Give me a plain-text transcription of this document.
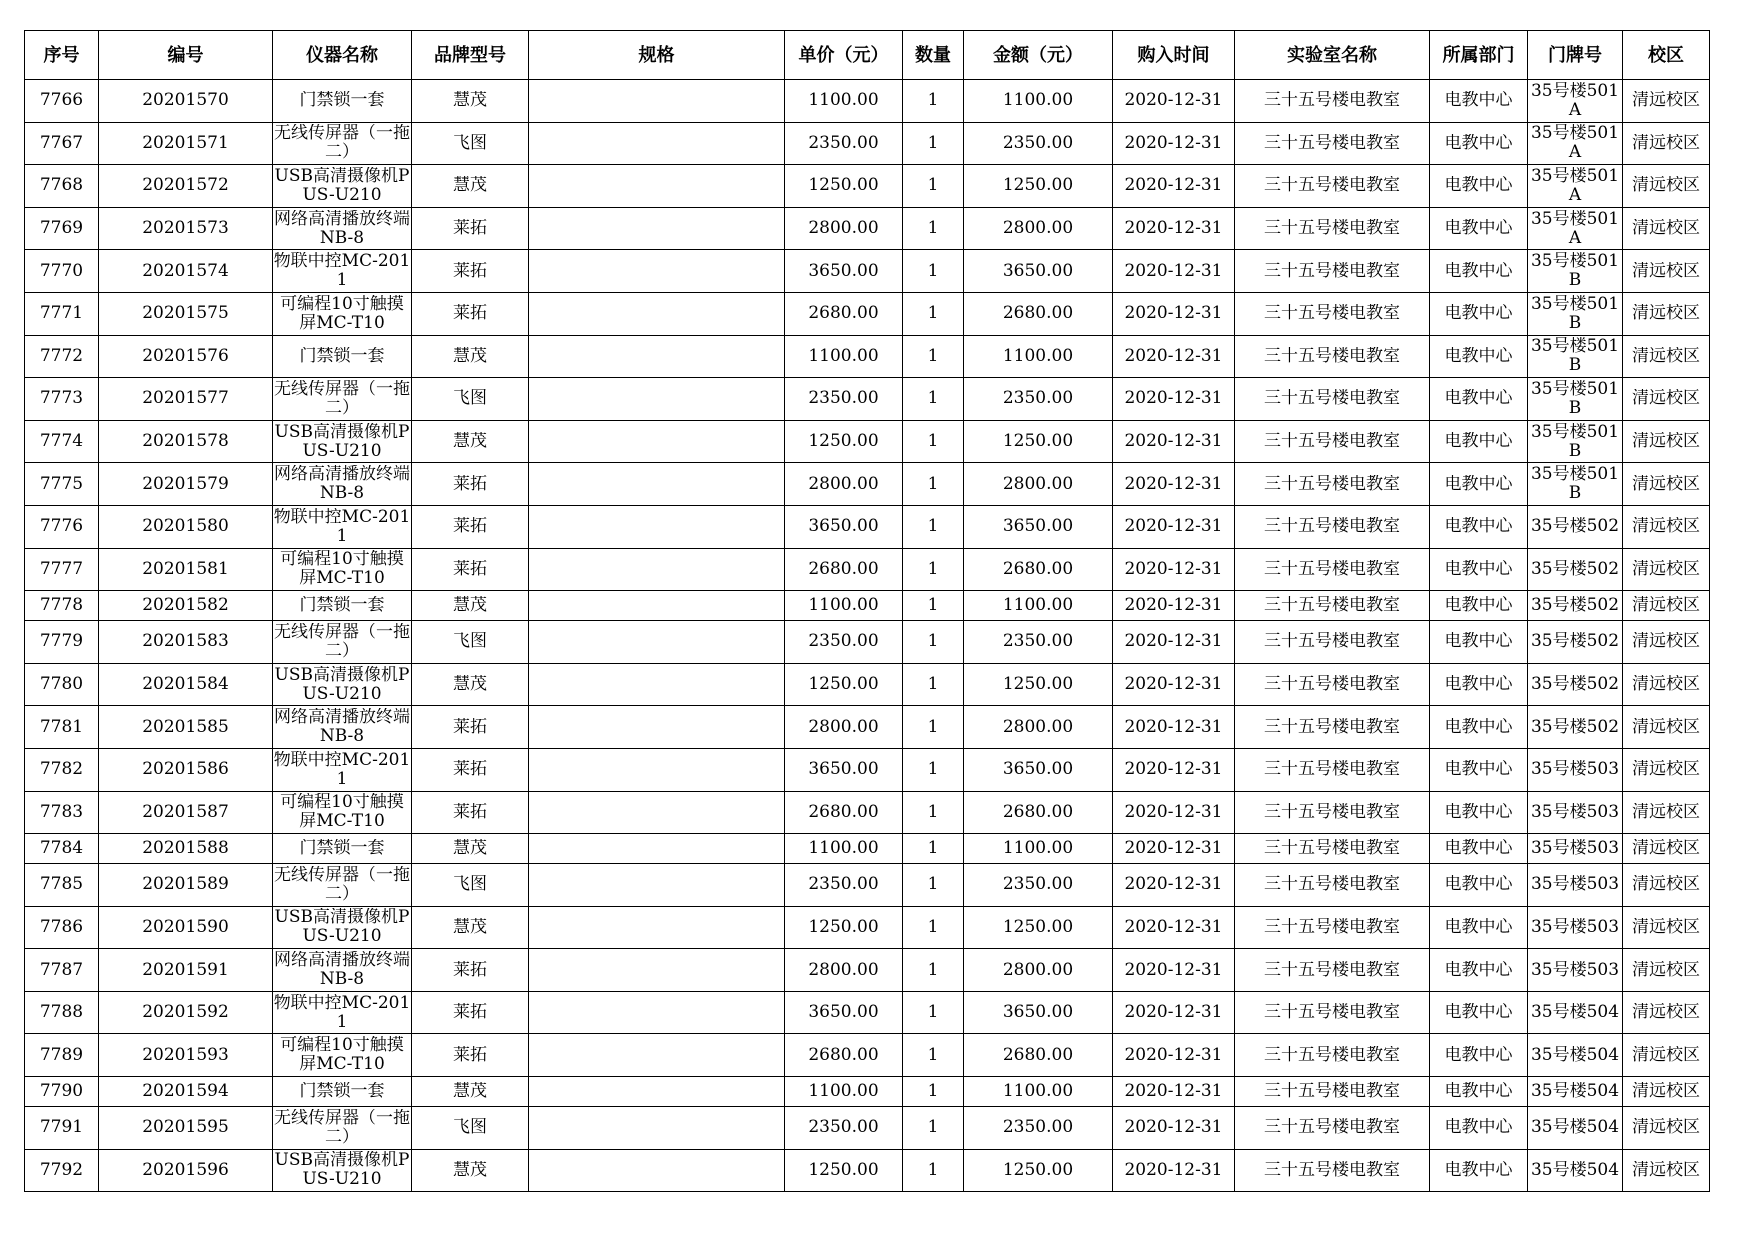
序号	编号	仪器名称	品牌型号	规格	单价（元）	数量	金额（元）	购入时间	实验室名称	所属部门	门牌号	校区

7766	20201570	门禁锁一套	慧茂		1100.00	1	1100.00	2020-12-31	三十五号楼电教室	电教中心	35号楼501A	清远校区

7767	20201571	无线传屏器（一拖二）	飞图		2350.00	1	2350.00	2020-12-31	三十五号楼电教室	电教中心	35号楼501A	清远校区

7768	20201572	USB高清摄像机PUS-U210	慧茂		1250.00	1	1250.00	2020-12-31	三十五号楼电教室	电教中心	35号楼501A	清远校区

7769	20201573	网络高清播放终端NB-8	莱拓		2800.00	1	2800.00	2020-12-31	三十五号楼电教室	电教中心	35号楼501A	清远校区

7770	20201574	物联中控MC-2011	莱拓		3650.00	1	3650.00	2020-12-31	三十五号楼电教室	电教中心	35号楼501B	清远校区

7771	20201575	可编程10寸触摸屏MC-T10	莱拓		2680.00	1	2680.00	2020-12-31	三十五号楼电教室	电教中心	35号楼501B	清远校区

7772	20201576	门禁锁一套	慧茂		1100.00	1	1100.00	2020-12-31	三十五号楼电教室	电教中心	35号楼501B	清远校区

7773	20201577	无线传屏器（一拖二）	飞图		2350.00	1	2350.00	2020-12-31	三十五号楼电教室	电教中心	35号楼501B	清远校区

7774	20201578	USB高清摄像机PUS-U210	慧茂		1250.00	1	1250.00	2020-12-31	三十五号楼电教室	电教中心	35号楼501B	清远校区

7775	20201579	网络高清播放终端NB-8	莱拓		2800.00	1	2800.00	2020-12-31	三十五号楼电教室	电教中心	35号楼501B	清远校区

7776	20201580	物联中控MC-2011	莱拓		3650.00	1	3650.00	2020-12-31	三十五号楼电教室	电教中心	35号楼502	清远校区

7777	20201581	可编程10寸触摸屏MC-T10	莱拓		2680.00	1	2680.00	2020-12-31	三十五号楼电教室	电教中心	35号楼502	清远校区

7778	20201582	门禁锁一套	慧茂		1100.00	1	1100.00	2020-12-31	三十五号楼电教室	电教中心	35号楼502	清远校区

7779	20201583	无线传屏器（一拖二）	飞图		2350.00	1	2350.00	2020-12-31	三十五号楼电教室	电教中心	35号楼502	清远校区

7780	20201584	USB高清摄像机PUS-U210	慧茂		1250.00	1	1250.00	2020-12-31	三十五号楼电教室	电教中心	35号楼502	清远校区

7781	20201585	网络高清播放终端NB-8	莱拓		2800.00	1	2800.00	2020-12-31	三十五号楼电教室	电教中心	35号楼502	清远校区

7782	20201586	物联中控MC-2011	莱拓		3650.00	1	3650.00	2020-12-31	三十五号楼电教室	电教中心	35号楼503	清远校区

7783	20201587	可编程10寸触摸屏MC-T10	莱拓		2680.00	1	2680.00	2020-12-31	三十五号楼电教室	电教中心	35号楼503	清远校区

7784	20201588	门禁锁一套	慧茂		1100.00	1	1100.00	2020-12-31	三十五号楼电教室	电教中心	35号楼503	清远校区

7785	20201589	无线传屏器（一拖二）	飞图		2350.00	1	2350.00	2020-12-31	三十五号楼电教室	电教中心	35号楼503	清远校区

7786	20201590	USB高清摄像机PUS-U210	慧茂		1250.00	1	1250.00	2020-12-31	三十五号楼电教室	电教中心	35号楼503	清远校区

7787	20201591	网络高清播放终端NB-8	莱拓		2800.00	1	2800.00	2020-12-31	三十五号楼电教室	电教中心	35号楼503	清远校区

7788	20201592	物联中控MC-2011	莱拓		3650.00	1	3650.00	2020-12-31	三十五号楼电教室	电教中心	35号楼504	清远校区

7789	20201593	可编程10寸触摸屏MC-T10	莱拓		2680.00	1	2680.00	2020-12-31	三十五号楼电教室	电教中心	35号楼504	清远校区

7790	20201594	门禁锁一套	慧茂		1100.00	1	1100.00	2020-12-31	三十五号楼电教室	电教中心	35号楼504	清远校区

7791	20201595	无线传屏器（一拖二）	飞图		2350.00	1	2350.00	2020-12-31	三十五号楼电教室	电教中心	35号楼504	清远校区

7792	20201596	USB高清摄像机PUS-U210	慧茂		1250.00	1	1250.00	2020-12-31	三十五号楼电教室	电教中心	35号楼504	清远校区
